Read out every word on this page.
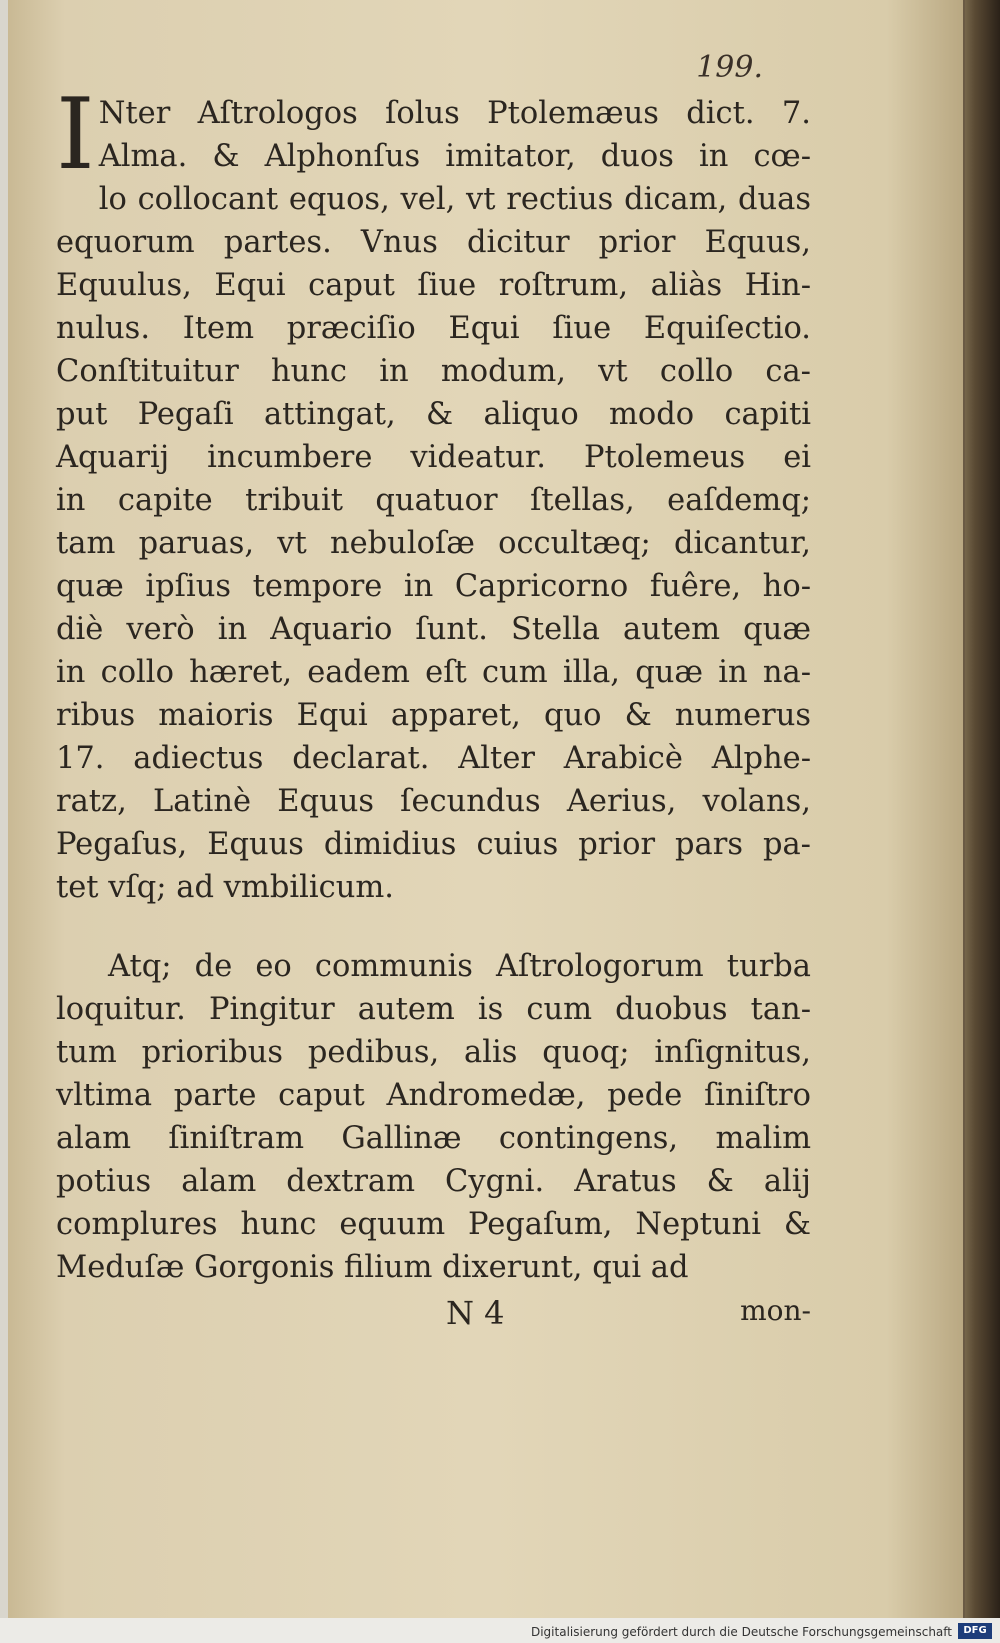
199.
I Nter Aſtrologos ſolus Ptolemæus dict. 7.
Alma. & Alphonſus imitator, duos in cœ-
lo collocant equos, vel, vt rectius dicam, duas
equorum partes. Vnus dicitur prior Equus,
Equulus, Equi caput ſiue roſtrum, aliàs Hin-
nulus. Item præciſio Equi ſiue Equiſectio.
Conſtituitur hunc in modum, vt collo ca-
put Pegaſi attingat, & aliquo modo capiti
Aquarij incumbere videatur. Ptolemeus ei
in capite tribuit quatuor ſtellas, eaſdemq;
tam paruas, vt nebuloſæ occultæq; dicantur,
quæ ipſius tempore in Capricorno fuêre, ho-
diè verò in Aquario ſunt. Stella autem quæ
in collo hæret, eadem eſt cum illa, quæ in na-
ribus maioris Equi apparet, quo & numerus
17. adiectus declarat. Alter Arabicè Alphe-
ratz, Latinè Equus ſecundus Aerius, volans,
Pegaſus, Equus dimidius cuius prior pars pa-
tet vſq; ad vmbilicum.
Atq; de eo communis Aſtrologorum turba
loquitur. Pingitur autem is cum duobus tan-
tum prioribus pedibus, alis quoq; inſignitus,
vltima parte caput Andromedæ, pede ſiniſtro
alam ſiniſtram Gallinæ contingens, malim
potius alam dextram Cygni. Aratus & alij
complures hunc equum Pegaſum, Neptuni &
Meduſæ Gorgonis filium dixerunt, qui ad
N 4	mon-
Digitalisierung gefördert durch die Deutsche Forschungsgemeinschaft	DFG
